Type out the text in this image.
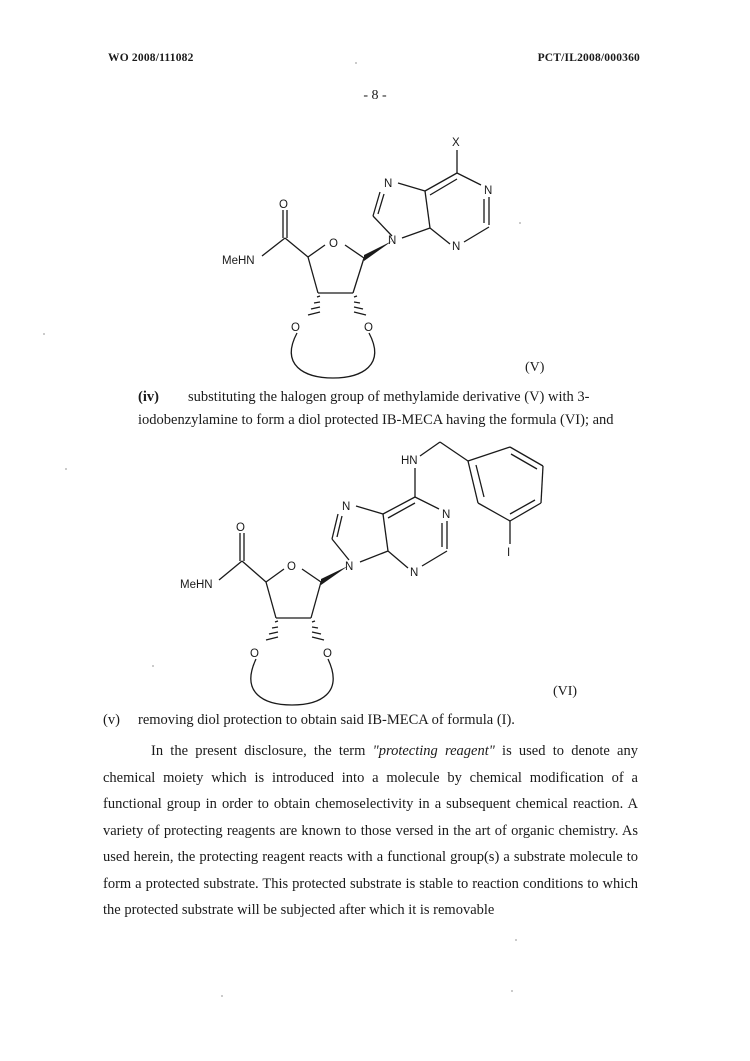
WO 2008/111082	PCT/IL2008/000360
- 8 -
X
N
N
N
N
O
O
MeHN
O	O
(V)
(iv) substituting the halogen group of methylamide derivative (V) with 3-
iodobenzylamine to form a diol protected IB-MECA having the formula (VI); and
HN
I
N
N
N
N
O
O
MeHN
O	O
(VI)
(v) removing diol protection to obtain said IB-MECA of formula (I).

In the present disclosure, the term "protecting reagent" is used to denote any chemical moiety which is introduced into a molecule by chemical modification of a functional group in order to obtain chemoselectivity in a subsequent chemical reaction. A variety of protecting reagents are known to those versed in the art of organic chemistry. As used herein, the protecting reagent reacts with a functional group(s) a substrate molecule to form a protected substrate. This protected substrate is stable to reaction conditions to which the protected substrate will be subjected after which it is removable
